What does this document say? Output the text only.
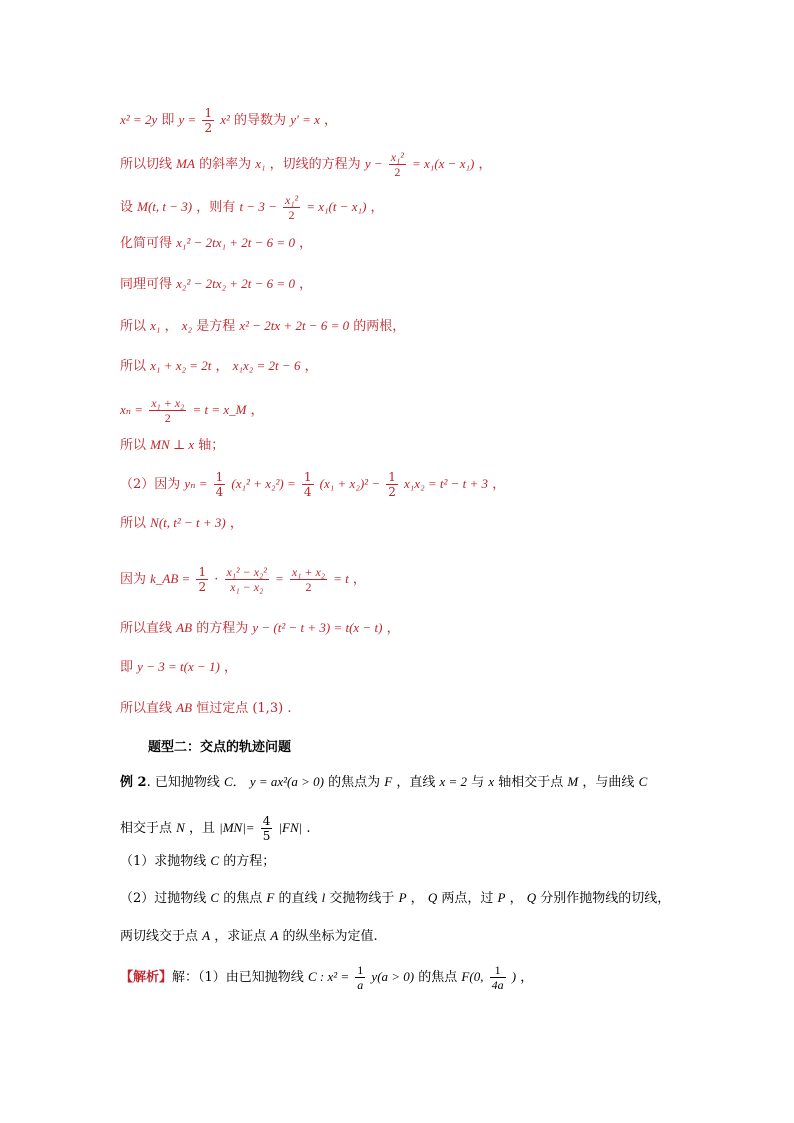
x² = 2y 即 $y = \frac{1}{2} x^2$ 的导数为 y′ = x ，
所以切线 MA 的斜率为 x₁ ，切线的方程为 $y - \frac{\text{x₁²}}{2} = x_1(x - x_1)$ ，
设 M(t, t − 3) ，则有 $t - 3 - \frac{\text{x₁²}}{2} = x_1(t - x_1)$ ，
化简可得 x₁² − 2tx₁ + 2t − 6 = 0 ，
同理可得 x₂² − 2tx₂ + 2t − 6 = 0 ，
所以 x₁ ， x₂ 是方程 x² − 2tx + 2t − 6 = 0 的两根，
所以 x₁ + x₂ = 2t ， x₁x₂ = 2t − 6 ，
$x_n = \frac{\text{x₁ + x₂}}{2} = t$ = x_M ，
所以 MN ⊥ x 轴；
（2）因为 $y_n = \frac{1}{4} (x_1^2 + x_2^2) = \frac{1}{4} (x_1 + x_2)^2 - \frac{1}{2} x_1x_2 = t^2 - t + 3$ ，
所以 N(t, t² − t + 3) ，
因为 k_AB = $\frac{1}{2} \cdot \frac{\text{x₁² − x₂²}}{\text{x₁ − x₂}} = \frac{\text{x₁ + x₂}}{2} = t$ ，
所以直线 AB 的方程为 y − (t² − t + 3) = t(x − t) ，
即 y − 3 = t(x − 1) ，
所以直线 AB 恒过定点 (1,3) .
题型二：交点的轨迹问题
例 2. 已知抛物线 C． y = ax²(a > 0) 的焦点为 F ，直线 x = 2 与 x 轴相交于点 M ，与曲线 C
相交于点 N ，且 $|MN|= \frac{4}{5} |FN|$ .
（1）求抛物线 C 的方程；
（2）过抛物线 C 的焦点 F 的直线 l 交抛物线于 P ， Q 两点，过 P ， Q 分别作抛物线的切线，
两切线交于点 A ，求证点 A 的纵坐标为定值.
【解析】解：（1）由已知抛物线 C : $x^2 = \frac{1}{a} y(a > 0)$ 的焦点 F(0, $\frac{1}{4a}$ ) ，
